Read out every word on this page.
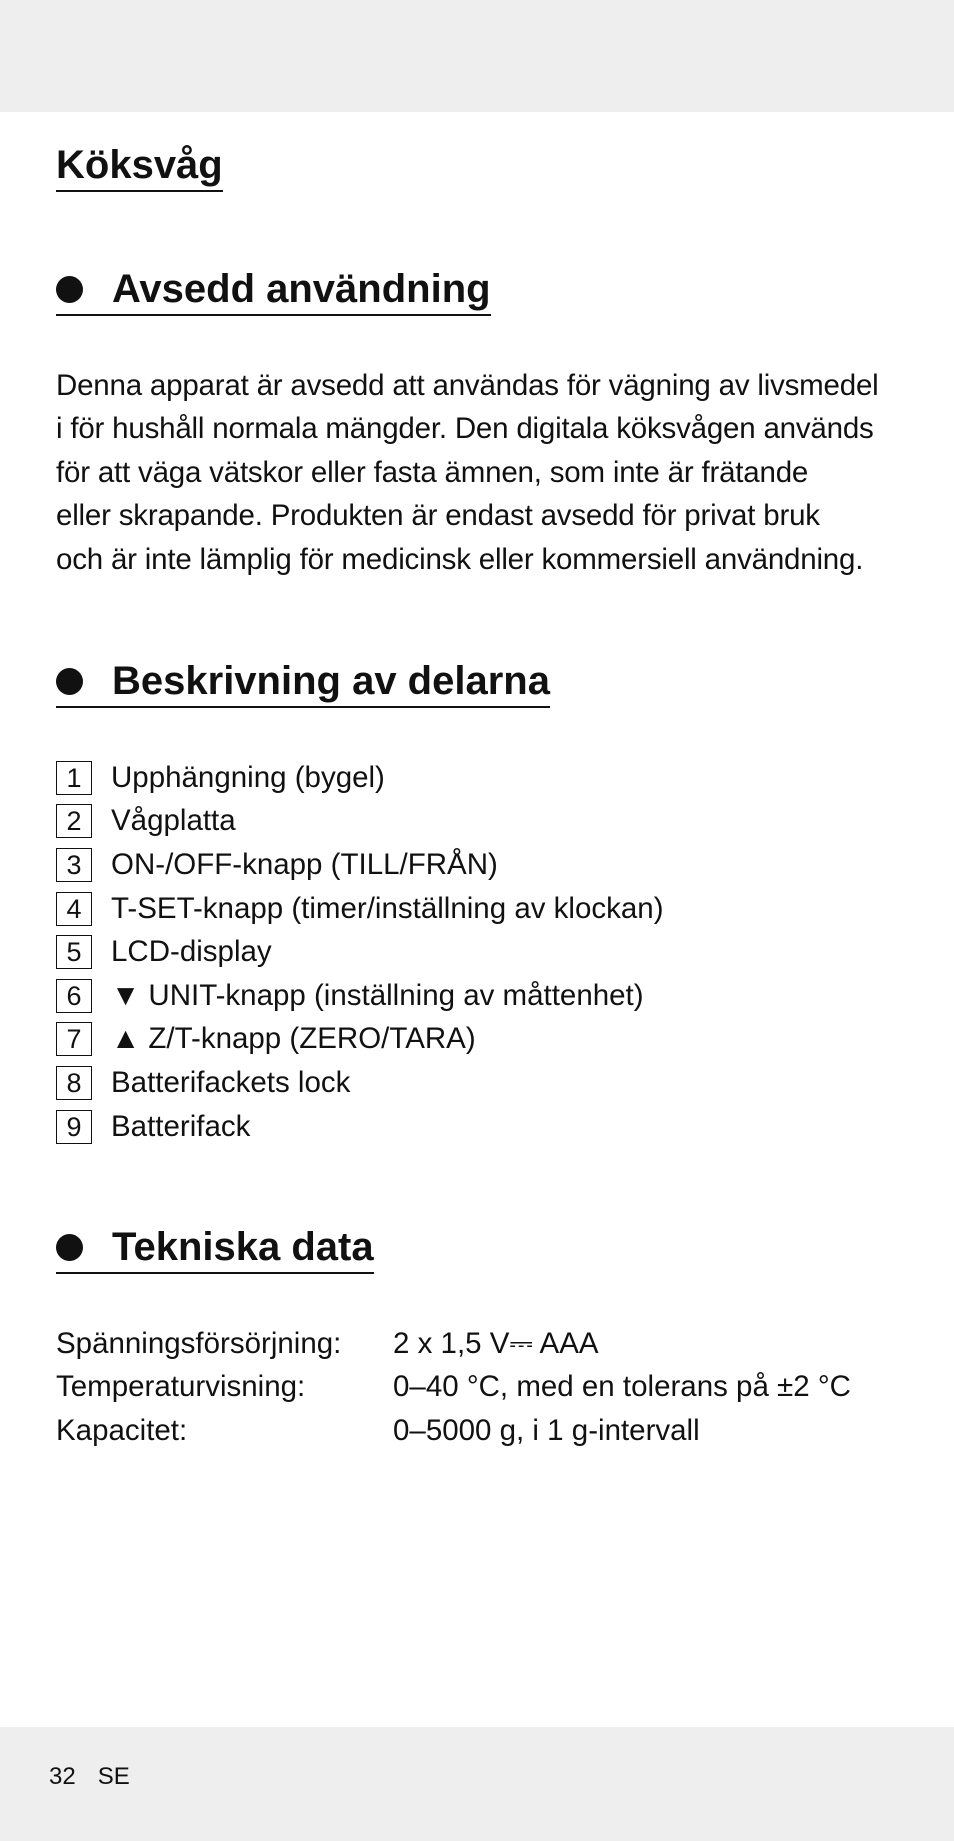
Köksvåg
Avsedd användning

Denna apparat är avsedd att användas för vägning av livsmedel
i för hushåll normala mängder. Den digitala köksvågen används
för att väga vätskor eller fasta ämnen, som inte är frätande
eller skrapande. Produkten är endast avsedd för privat bruk
och är inte lämplig för medicinsk eller kommersiell användning.

Beskrivning av delarna
1 Upphängning (bygel)
2 Vågplatta
3 ON-/OFF-knapp (TILL/FRÅN)
4 T-SET-knapp (timer/inställning av klockan)
5 LCD-display
6 ▼ UNIT-knapp (inställning av måttenhet)
7 ▲ Z/T-knapp (ZERO/TARA)
8 Batterifackets lock
9 Batterifack
Tekniska data
Spänningsförsörjning:	2 x 1,5 V⎓ AAA
Temperaturvisning:	0–40 °C, med en tolerans på ±2 °C
Kapacitet:	0–5000 g, i 1 g-intervall
32 SE
